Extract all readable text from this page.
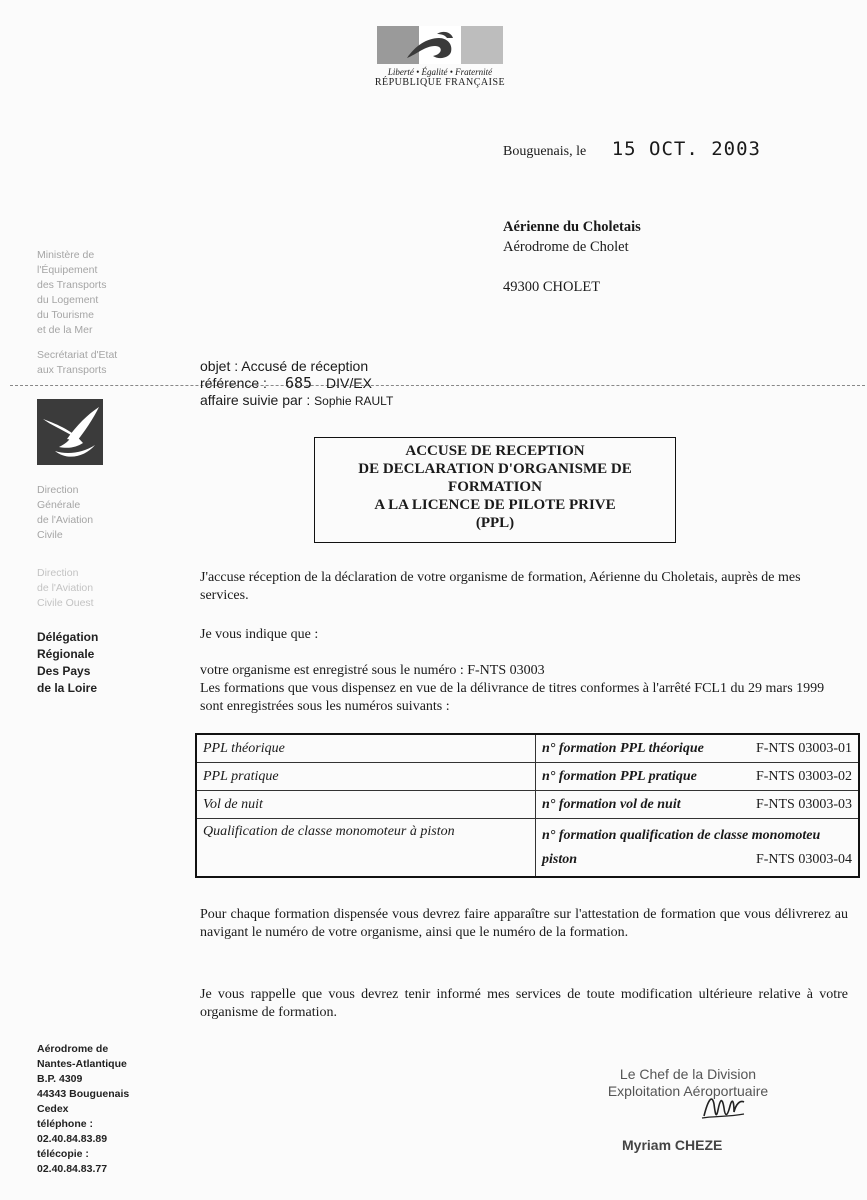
Liberté • Égalité • Fraternité
RÉPUBLIQUE FRANÇAISE
Bouguenais, le 15 OCT. 2003
Aérienne du Choletais
Aérodrome de Cholet
49300 CHOLET
Ministère de
l'Équipement
des Transports
du Logement
du Tourisme
et de la Mer
Secrétariat d'Etat
aux Transports
Direction
Générale
de l'Aviation
Civile
Direction
de l'Aviation
Civile Ouest
Délégation
Régionale
Des Pays
de la Loire
Aérodrome de
Nantes-Atlantique
B.P. 4309
44343 Bouguenais
Cedex
téléphone :
02.40.84.83.89
télécopie :
02.40.84.83.77
objet : Accusé de réception
référence : 685 DIV/EX
affaire suivie par : Sophie RAULT
ACCUSE DE RECEPTION
DE DECLARATION D'ORGANISME DE
FORMATION
A LA LICENCE DE PILOTE PRIVE
(PPL)
J'accuse réception de la déclaration de votre organisme de formation, Aérienne du Choletais, auprès de mes services.
Je vous indique que :
votre organisme est enregistré sous le numéro : F-NTS 03003
Les formations que vous dispensez en vue de la délivrance de titres conformes à l'arrêté FCL1 du 29 mars 1999 sont enregistrées sous les numéros suivants :
PPL théorique	n° formation PPL théorique F-NTS 03003-01

PPL pratique	n° formation PPL pratique F-NTS 03003-02

Vol de nuit	n° formation vol de nuit F-NTS 03003-03

Qualification de classe monomoteur à piston	n° formation qualification de classe monomoteu
piston F-NTS 03003-04
Pour chaque formation dispensée vous devrez faire apparaître sur l'attestation de formation que vous délivrerez au navigant le numéro de votre organisme, ainsi que le numéro de la formation.
Je vous rappelle que vous devrez tenir informé mes services de toute modification ultérieure relative à votre organisme de formation.
Le Chef de la Division
Exploitation Aéroportuaire
Myriam CHEZE
